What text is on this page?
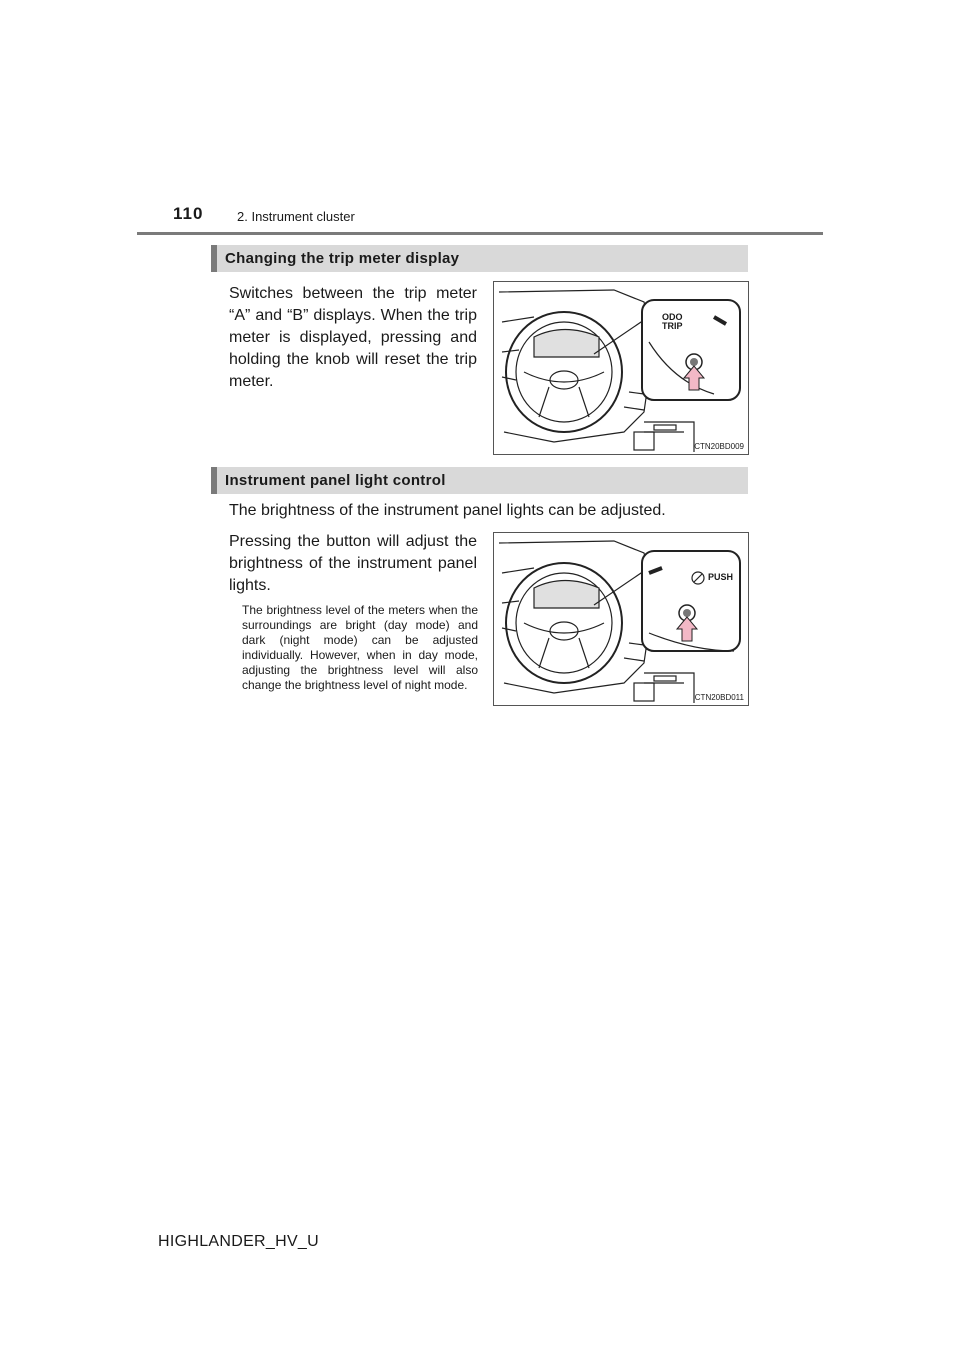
110	2. Instrument cluster
Changing the trip meter display
Switches between the trip meter “A” and “B” displays. When the trip meter is displayed, pressing and holding the knob will reset the trip meter.
ODO
TRIP
CTN20BD009
Instrument panel light control
The brightness of the instrument panel lights can be adjusted.
Pressing the button will adjust the brightness of the instrument panel lights.
The brightness level of the meters when the surroundings are bright (day mode) and dark (night mode) can be adjusted individually. However, when in day mode, adjusting the brightness level will also change the brightness level of night mode.
PUSH
CTN20BD011
HIGHLANDER_HV_U
